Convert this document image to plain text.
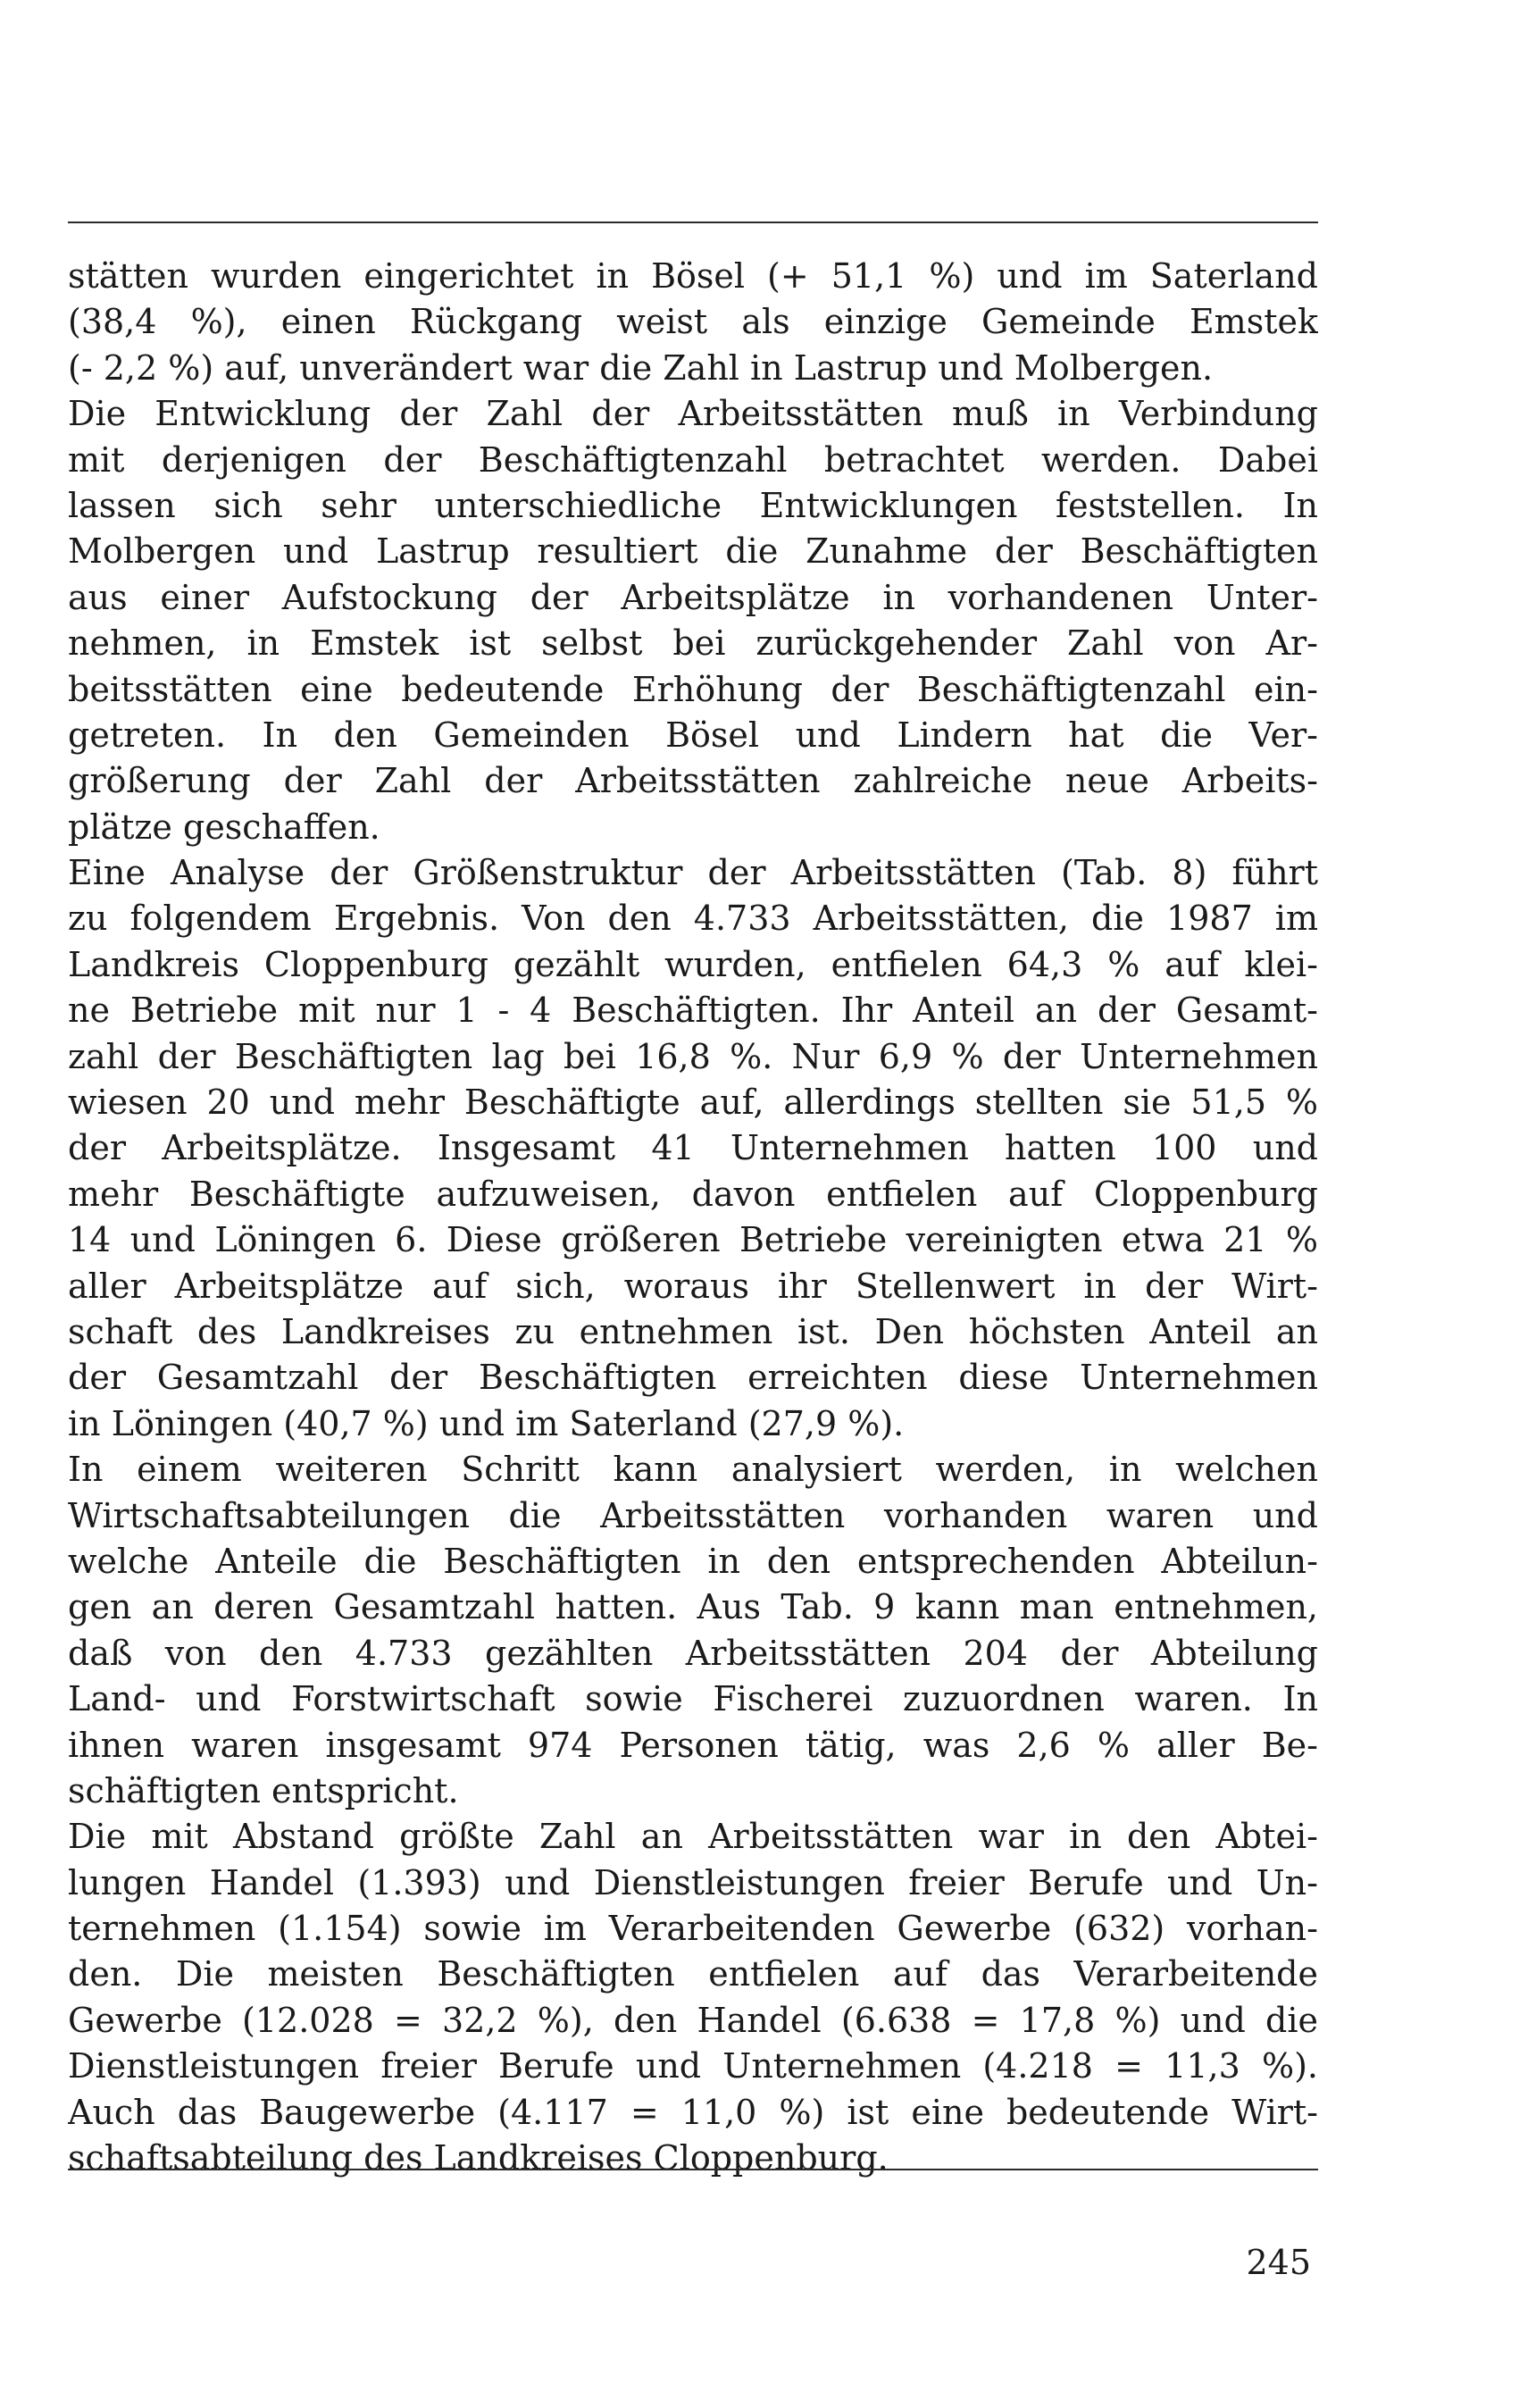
stätten wurden eingerichtet in Bösel (+ 51,1 %) und im Saterland
(38,4 %), einen Rückgang weist als einzige Gemeinde Emstek
(- 2,2 %) auf, unverändert war die Zahl in Lastrup und Molbergen.
Die Entwicklung der Zahl der Arbeitsstätten muß in Verbindung
mit derjenigen der Beschäftigtenzahl betrachtet werden. Dabei
lassen sich sehr unterschiedliche Entwicklungen feststellen. In
Molbergen und Lastrup resultiert die Zunahme der Beschäftigten
aus einer Aufstockung der Arbeitsplätze in vorhandenen Unter-
nehmen, in Emstek ist selbst bei zurückgehender Zahl von Ar-
beitsstätten eine bedeutende Erhöhung der Beschäftigtenzahl ein-
getreten. In den Gemeinden Bösel und Lindern hat die Ver-
größerung der Zahl der Arbeitsstätten zahlreiche neue Arbeits-
plätze geschaffen.
Eine Analyse der Größenstruktur der Arbeitsstätten (Tab. 8) führt
zu folgendem Ergebnis. Von den 4.733 Arbeitsstätten, die 1987 im
Landkreis Cloppenburg gezählt wurden, entfielen 64,3 % auf klei-
ne Betriebe mit nur 1 - 4 Beschäftigten. Ihr Anteil an der Gesamt-
zahl der Beschäftigten lag bei 16,8 %. Nur 6,9 % der Unternehmen
wiesen 20 und mehr Beschäftigte auf, allerdings stellten sie 51,5 %
der Arbeitsplätze. Insgesamt 41 Unternehmen hatten 100 und
mehr Beschäftigte aufzuweisen, davon entfielen auf Cloppenburg
14 und Löningen 6. Diese größeren Betriebe vereinigten etwa 21 %
aller Arbeitsplätze auf sich, woraus ihr Stellenwert in der Wirt-
schaft des Landkreises zu entnehmen ist. Den höchsten Anteil an
der Gesamtzahl der Beschäftigten erreichten diese Unternehmen
in Löningen (40,7 %) und im Saterland (27,9 %).
In einem weiteren Schritt kann analysiert werden, in welchen
Wirtschaftsabteilungen die Arbeitsstätten vorhanden waren und
welche Anteile die Beschäftigten in den entsprechenden Abteilun-
gen an deren Gesamtzahl hatten. Aus Tab. 9 kann man entnehmen,
daß von den 4.733 gezählten Arbeitsstätten 204 der Abteilung
Land- und Forstwirtschaft sowie Fischerei zuzuordnen waren. In
ihnen waren insgesamt 974 Personen tätig, was 2,6 % aller Be-
schäftigten entspricht.
Die mit Abstand größte Zahl an Arbeitsstätten war in den Abtei-
lungen Handel (1.393) und Dienstleistungen freier Berufe und Un-
ternehmen (1.154) sowie im Verarbeitenden Gewerbe (632) vorhan-
den. Die meisten Beschäftigten entfielen auf das Verarbeitende
Gewerbe (12.028 = 32,2 %), den Handel (6.638 = 17,8 %) und die
Dienstleistungen freier Berufe und Unternehmen (4.218 = 11,3 %).
Auch das Baugewerbe (4.117 = 11,0 %) ist eine bedeutende Wirt-
schaftsabteilung des Landkreises Cloppenburg.
245
